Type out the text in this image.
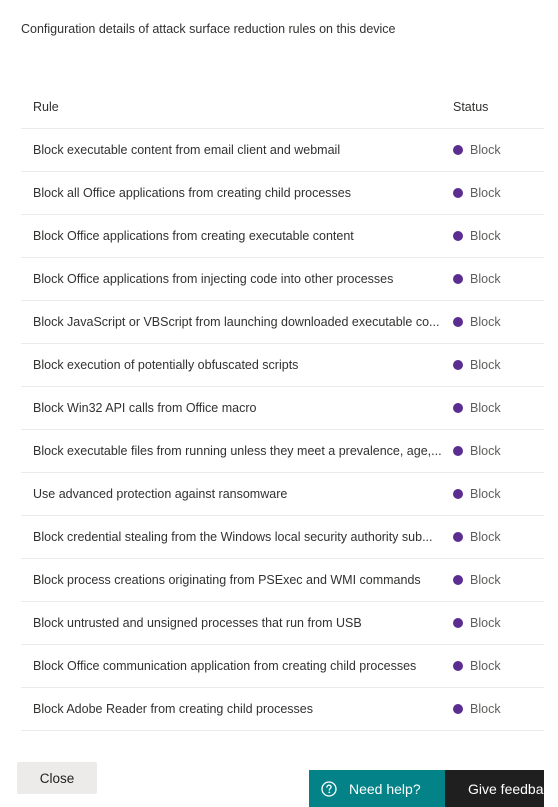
Configuration details of attack surface reduction rules on this device
Rule	Status
Block executable content from email client and webmail	Block
Block all Office applications from creating child processes	Block
Block Office applications from creating executable content	Block
Block Office applications from injecting code into other processes	Block
Block JavaScript or VBScript from launching downloaded executable co... Block
Block execution of potentially obfuscated scripts	Block
Block Win32 API calls from Office macro	Block
Block executable files from running unless they meet a prevalence, age,... Block
Use advanced protection against ransomware	Block
Block credential stealing from the Windows local security authority sub...	Block
Block process creations originating from PSExec and WMI commands	Block
Block untrusted and unsigned processes that run from USB	Block
Block Office communication application from creating child processes	Block
Block Adobe Reader from creating child processes	Block
Close
Need help?	Give feedback
